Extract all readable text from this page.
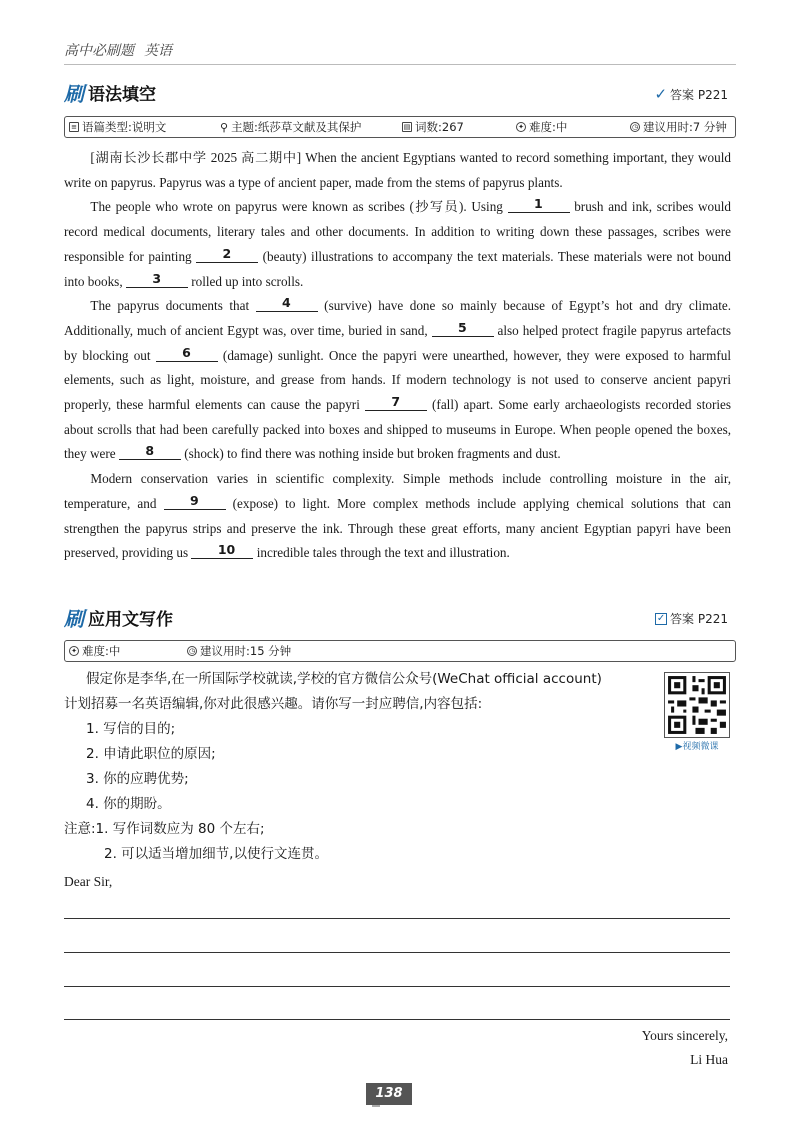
高中必刷题 英语
刷 语法填空	✓ 答案 P221
≡ 语篇类型:说明文	⚲ 主题:纸莎草文献及其保护	▤ 词数:267	✦ 难度:中	◷ 建议用时:7 分钟

[湖南长沙长郡中学 2025 高二期中] When the ancient Egyptians wanted to record something important, they would write on papyrus. Papyrus was a type of ancient paper, made from the stems of papyrus plants.

The people who wrote on papyrus were known as scribes (抄写员). Using	1 brush and ink, scribes would record medical documents, literary tales and other documents. In addition to writing down these passages, scribes were responsible for painting	2 (beauty) illustrations to accompany the text materials. These materials were not bound into books,	3 rolled up into scrolls.

The papyrus documents that	4 (survive) have done so mainly because of Egypt’s hot and dry climate. Additionally, much of ancient Egypt was, over time, buried in sand,	5 also helped protect fragile papyrus artefacts by blocking out	6 (damage) sunlight. Once the papyri were unearthed, however, they were exposed to harmful elements, such as light, moisture, and grease from hands. If modern technology is not used to conserve ancient papyri properly, these harmful elements can cause the papyri	7 (fall) apart. Some early archaeologists recorded stories about scrolls that had been carefully packed into boxes and shipped to museums in Europe. When people opened the boxes, they were	8 (shock) to find there was nothing inside but broken fragments and dust.

Modern conservation varies in scientific complexity. Simple methods include controlling moisture in the air, temperature, and	9 (expose) to light. More complex methods include applying chemical solutions that can strengthen the papyrus strips and preserve the ink. Through these great efforts, many ancient Egyptian papyri have been preserved, providing us	10 incredible tales through the text and illustration.

刷 应用文写作	✓ 答案 P221
✦ 难度:中	◷ 建议用时:15 分钟
假定你是李华,在一所国际学校就读,学校的官方微信公众号(WeChat official account)
计划招募一名英语编辑,你对此很感兴趣。请你写一封应聘信,内容包括:
1. 写信的目的;
2. 申请此职位的原因;
3. 你的应聘优势;
4. 你的期盼。
注意:1. 写作词数应为 80 个左右;
2. 可以适当增加细节,以使行文连贯。
▶视频微课
Dear Sir,
Yours sincerely,
Li Hua
138
